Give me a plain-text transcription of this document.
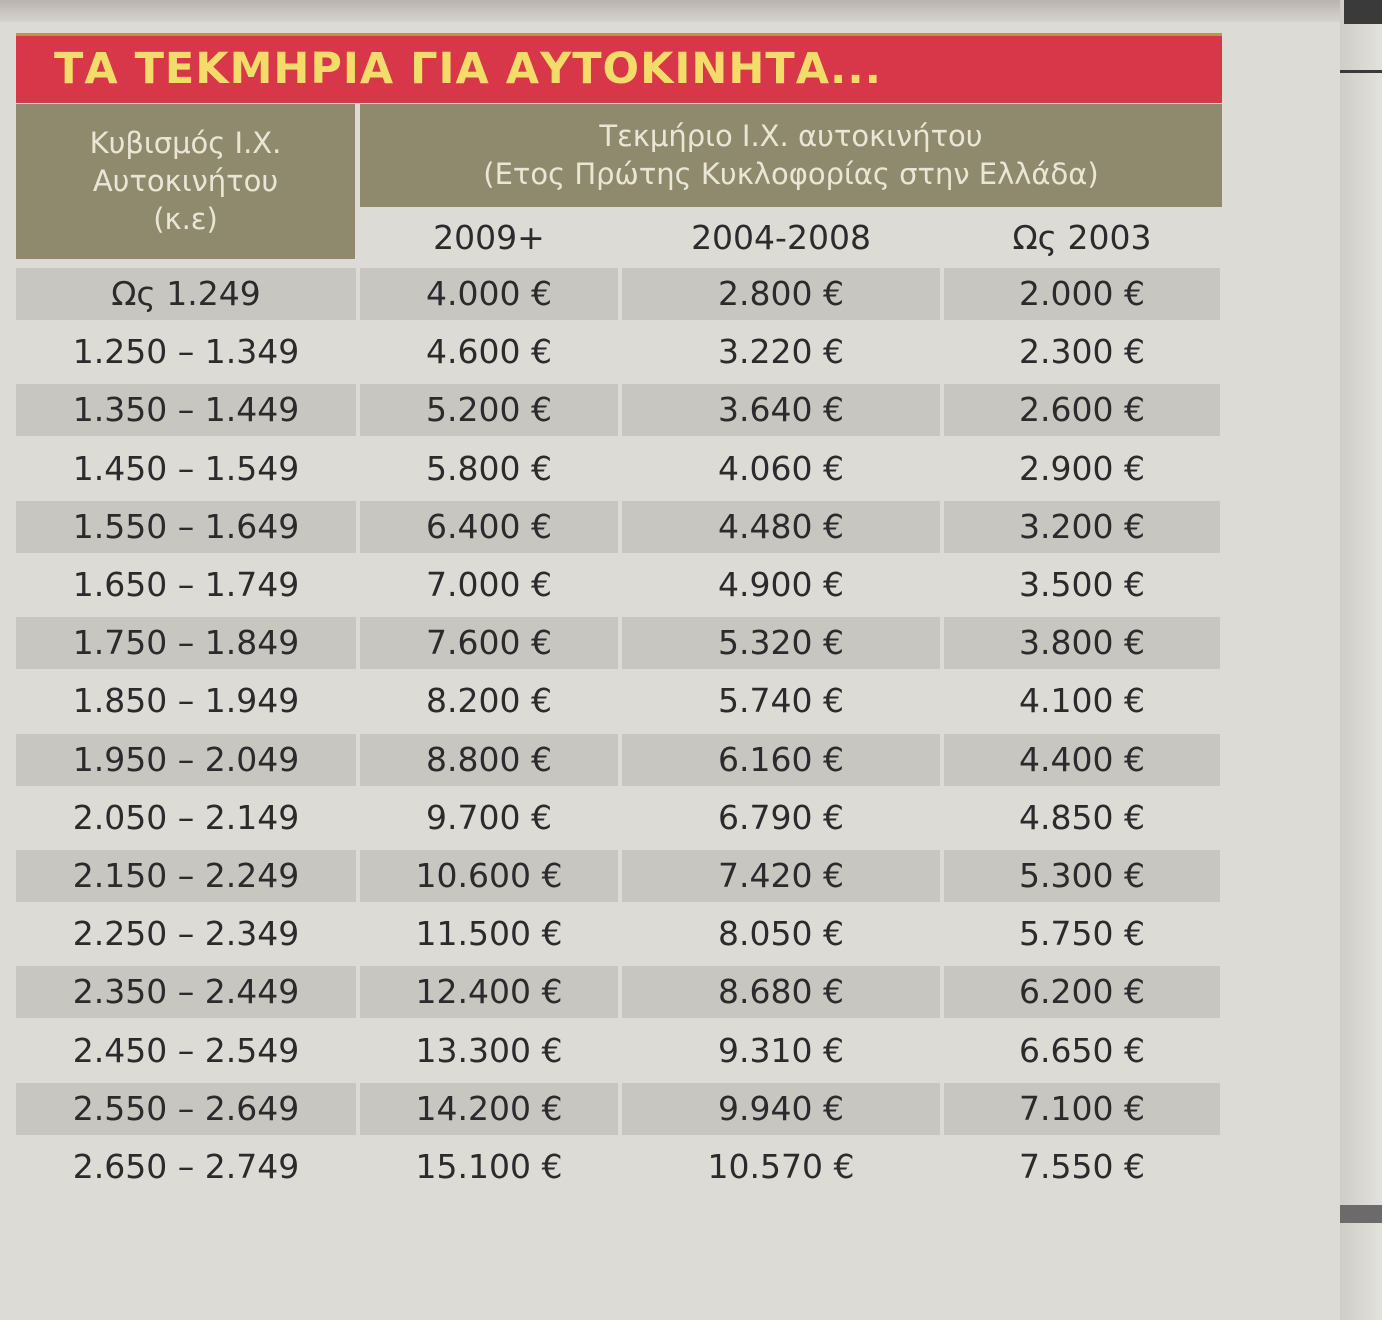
ΤΑ ΤΕΚΜΗΡΙΑ ΓΙΑ ΑΥΤΟΚΙΝΗΤΑ...
Κυβισμός Ι.Χ.
Αυτοκινήτου
(κ.ε)
Τεκμήριο Ι.Χ. αυτοκινήτου
(Ετος Πρώτης Κυκλοφορίας στην Ελλάδα)
2009+	2004-2008	Ως 2003
Ως 1.249	4.000 €	2.800 €	2.000 €
1.250 – 1.349	4.600 €	3.220 €	2.300 €
1.350 – 1.449	5.200 €	3.640 €	2.600 €
1.450 – 1.549	5.800 €	4.060 €	2.900 €
1.550 – 1.649	6.400 €	4.480 €	3.200 €
1.650 – 1.749	7.000 €	4.900 €	3.500 €
1.750 – 1.849	7.600 €	5.320 €	3.800 €
1.850 – 1.949	8.200 €	5.740 €	4.100 €
1.950 – 2.049	8.800 €	6.160 €	4.400 €
2.050 – 2.149	9.700 €	6.790 €	4.850 €
2.150 – 2.249	10.600 €	7.420 €	5.300 €
2.250 – 2.349	11.500 €	8.050 €	5.750 €
2.350 – 2.449	12.400 €	8.680 €	6.200 €
2.450 – 2.549	13.300 €	9.310 €	6.650 €
2.550 – 2.649	14.200 €	9.940 €	7.100 €
2.650 – 2.749	15.100 €	10.570 €	7.550 €
